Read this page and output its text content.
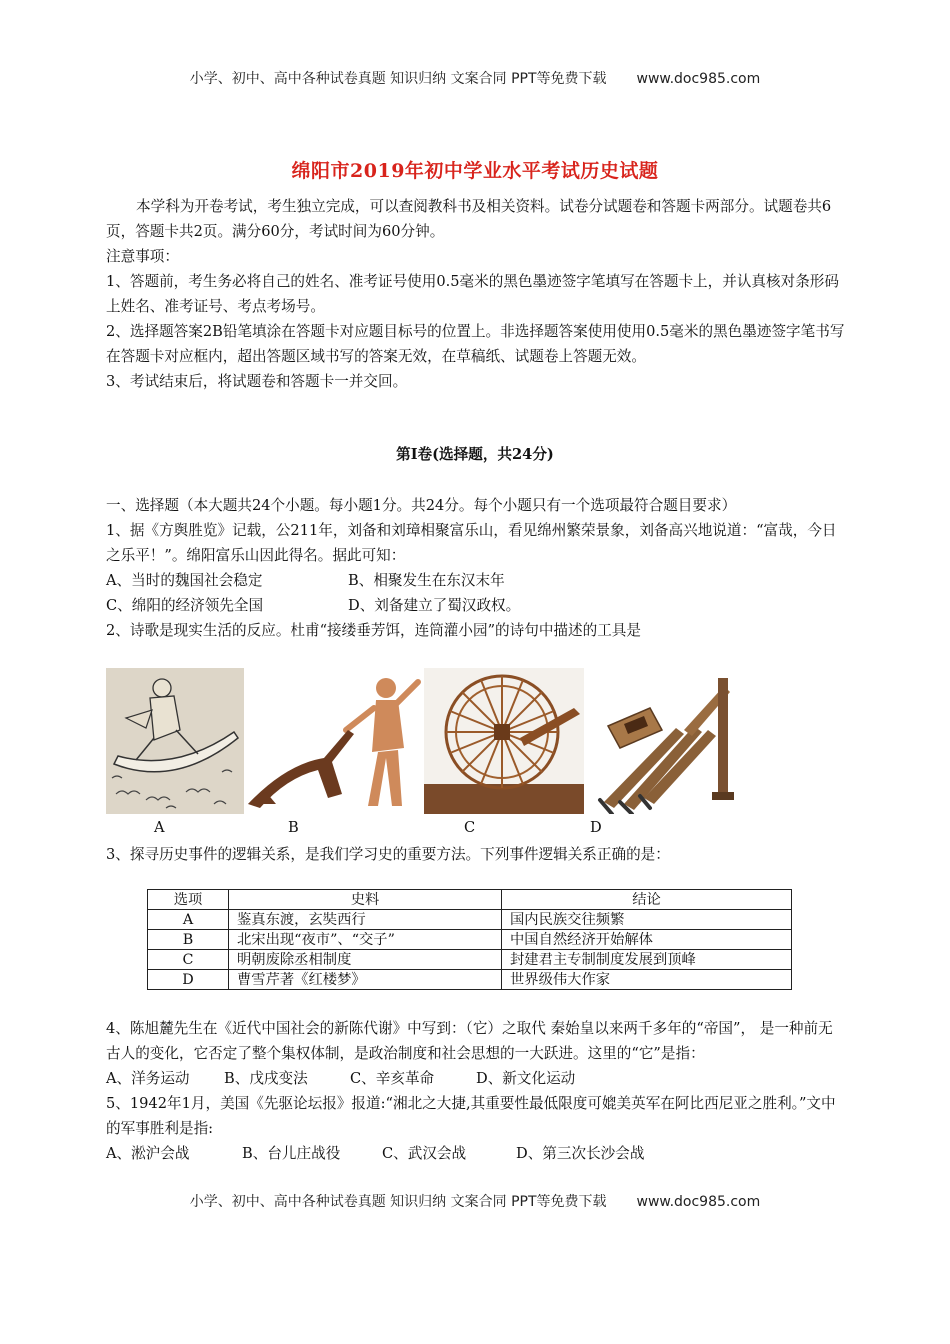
小学、初中、高中各种试卷真题 知识归纳 文案合同 PPT等免费下载 www.doc985.com
绵阳市2019年初中学业水平考试历史试题

本学科为开卷考试，考生独立完成，可以查阅教科书及相关资料。试卷分试题卷和答题卡两部分。试题卷共6页，答题卡共2页。满分60分，考试时间为60分钟。

注意事项：

1、答题前，考生务必将自己的姓名、准考证号使用0.5毫米的黑色墨迹签字笔填写在答题卡上，并认真核对条形码上姓名、准考证号、考点考场号。

2、选择题答案2B铅笔填涂在答题卡对应题目标号的位置上。非选择题答案使用使用0.5毫米的黑色墨迹签字笔书写在答题卡对应框内，超出答题区域书写的答案无效，在草稿纸、试题卷上答题无效。

3、考试结束后，将试题卷和答题卡一并交回。

第Ⅰ卷(选择题，共24分)

一、选择题（本大题共24个小题。每小题1分。共24分。每个小题只有一个选项最符合题目要求）

1、据《方舆胜览》记载，公211年，刘备和刘璋相聚富乐山，看见绵州繁荣景象，刘备高兴地说道：“富哉，今日之乐平！”。绵阳富乐山因此得名。据此可知：

A、当时的魏国社会稳定	B、相聚发生在东汉末年
C、绵阳的经济领先全国	D、刘备建立了蜀汉政权。

2、诗歌是现实生活的反应。杜甫“接缕垂芳饵，连筒灌小园”的诗句中描述的工具是

A	B	C	D

3、探寻历史事件的逻辑关系，是我们学习史的重要方法。下列事件逻辑关系正确的是：

选项	史料	结论
A	鉴真东渡，玄奘西行	国内民族交往频繁
B	北宋出现“夜市”、“交子”	中国自然经济开始解体
C	明朝废除丞相制度	封建君主专制制度发展到顶峰
D	曹雪芹著《红楼梦》	世界级伟大作家

4、陈旭麓先生在《近代中国社会的新陈代谢》中写到：（它）之取代 秦始皇以来两千多年的“帝国”， 是一种前无古人的变化，它否定了整个集权体制，是政治制度和社会思想的一大跃进。这里的“它”是指：

A、洋务运动	B、戊戌变法	C、辛亥革命	D、新文化运动

5、1942年1月，美国《先驱论坛报》报道:“湘北之大捷,其重要性最低限度可媲美英军在阿比西尼亚之胜利。”文中的军事胜利是指:

A、淞沪会战	B、台儿庄战役	C、武汉会战	D、第三次长沙会战
小学、初中、高中各种试卷真题 知识归纳 文案合同 PPT等免费下载 www.doc985.com
